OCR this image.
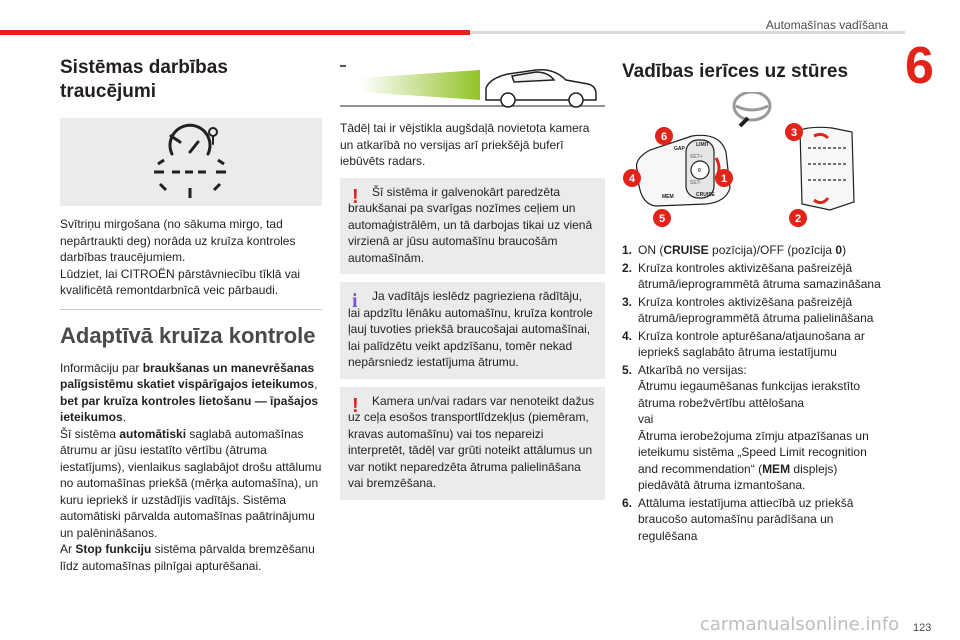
Automašīnas vadīšana
6
Sistēmas darbības traucējumi

Svītriņu mirgošana (no sākuma mirgo, tad nepārtraukti deg) norāda uz kruīza kontroles darbības traucējumiem.

Lūdziet, lai CITROËN pārstāvniecību tīklā vai kvalificētā remontdarbnīcā veic pārbaudi.

Adaptīvā kruīza kontrole

Informāciju par braukšanas un manevrēšanas palīgsistēmu skatiet vispārīgajos ieteikumos, bet par kruīza kontroles lietošanu — īpašajos ieteikumos.

Šī sistēma automātiski saglabā automašīnas ātrumu ar jūsu iestatīto vērtību (ātruma iestatījums), vienlaikus saglabājot drošu attālumu no automašīnas priekšā (mērķa automašīna), un kuru iepriekš ir uzstādījis vadītājs. Sistēma automātiski pārvalda automašīnas paātrinājumu un palēnināšanos.

Ar Stop funkciju sistēma pārvalda bremzēšanu līdz automašīnas pilnīgai apturēšanai.

Tādēļ tai ir vējstikla augšdaļā novietota kamera un atkarībā no versijas arī priekšējā buferī iebūvēts radars.

!	Šī sistēma ir galvenokārt paredzēta braukšanai pa svarīgas nozīmes ceļiem un automaģistrālēm, un tā darbojas tikai uz vienā virzienā ar jūsu automašīnu braucošām automašīnām.

i	Ja vadītājs ieslēdz pagrieziena rādītāju, lai apdzītu lēnāku automašīnu, kruīza kontrole ļauj tuvoties priekšā braucošajai automašīnai, lai palīdzētu veikt apdzīšanu, tomēr nekad nepārsniedz iestatījuma ātrumu.

!	Kamera un/vai radars var nenoteikt dažus uz ceļa esošos transportlīdzekļus (piemēram, kravas automašīnu) vai tos nepareizi interpretēt, tādēļ var grūti noteikt attālumus un var notikt neparedzēta ātruma palielināšana vai bremzēšana.

Vadības ierīces uz stūres
6
4
5
1
3
2
GAP
SET+
SET-
LIMIT
CRUISE
MEM
0
1. ON (CRUISE pozīcija)/OFF (pozīcija 0)
2. Kruīza kontroles aktivizēšana pašreizējā ātrumā/ieprogrammētā ātruma samazināšana
3. Kruīza kontroles aktivizēšana pašreizējā ātrumā/ieprogrammētā ātruma palielināšana
4. Kruīza kontrole apturēšana/atjaunošana ar iepriekš saglabāto ātruma iestatījumu
5. Atkarībā no versijas:
Ātrumu iegaumēšanas funkcijas ierakstīto ātruma robežvērtību attēlošana
vai
Ātruma ierobežojuma zīmju atpazīšanas un ieteikumu sistēma „Speed Limit recognition and recommendation“ (MEM displejs) piedāvātā ātruma izmantošana.
6. Attāluma iestatījuma attiecībā uz priekšā braucošo automašīnu parādīšana un regulēšana
carmanualsonline.info 123
